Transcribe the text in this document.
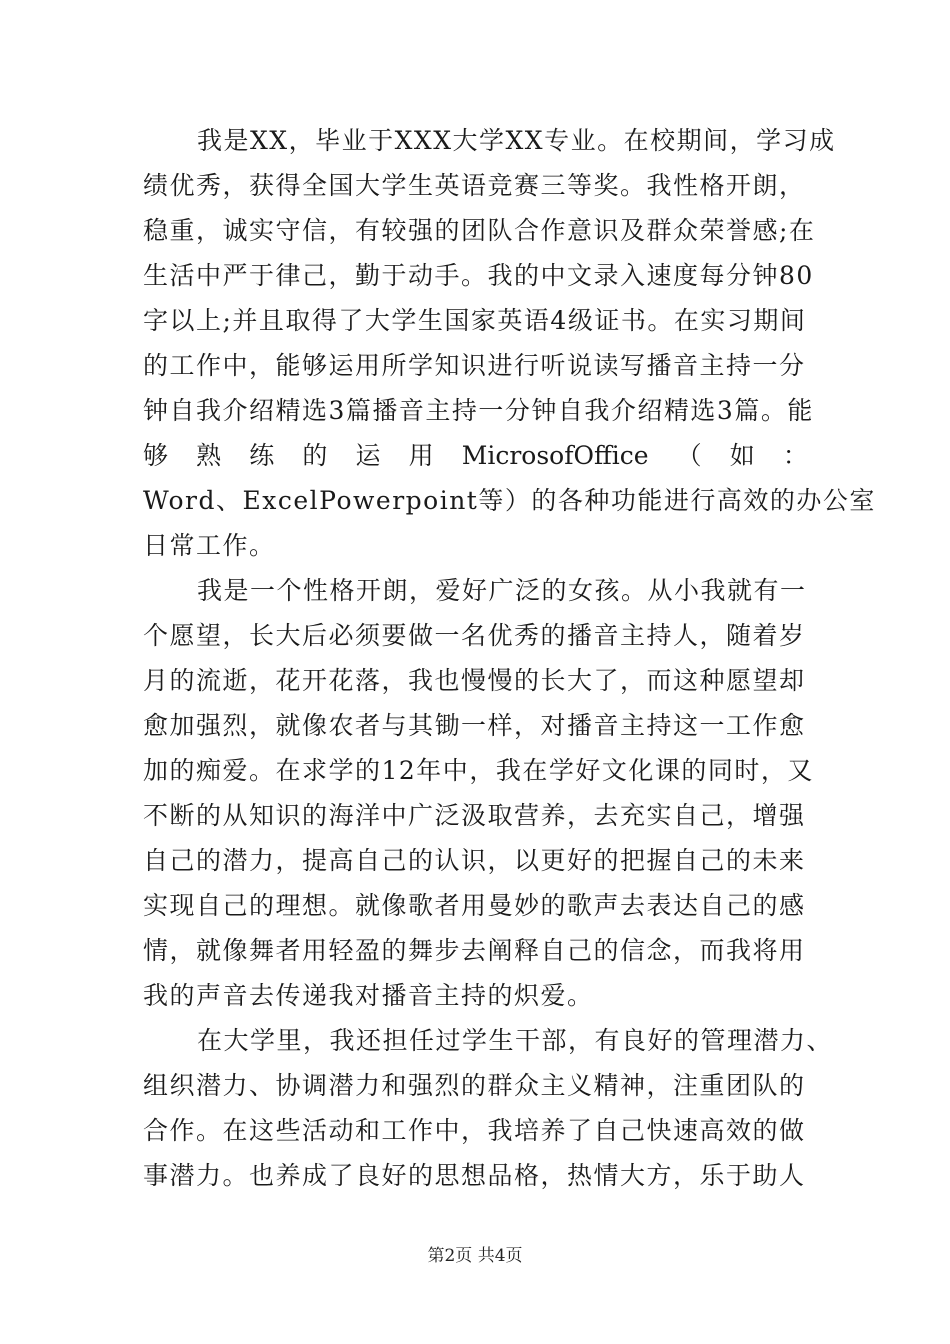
我是XX，毕业于XXX大学XX专业。在校期间，学习成
绩优秀，获得全国大学生英语竞赛三等奖。我性格开朗，
稳重，诚实守信，有较强的团队合作意识及群众荣誉感;在
生活中严于律己，勤于动手。我的中文录入速度每分钟80
字以上;并且取得了大学生国家英语4级证书。在实习期间
的工作中，能够运用所学知识进行听说读写播音主持一分
钟自我介绍精选3篇播音主持一分钟自我介绍精选3篇。能
够 熟 练 的 运 用 MicrosofOffice （ 如 ：
Word、ExcelPowerpoint等）的各种功能进行高效的办公室
日常工作。
我是一个性格开朗，爱好广泛的女孩。从小我就有一
个愿望，长大后必须要做一名优秀的播音主持人，随着岁
月的流逝，花开花落，我也慢慢的长大了，而这种愿望却
愈加强烈，就像农者与其锄一样，对播音主持这一工作愈
加的痴爱。在求学的12年中，我在学好文化课的同时，又
不断的从知识的海洋中广泛汲取营养，去充实自己，增强
自己的潜力，提高自己的认识，以更好的把握自己的未来
实现自己的理想。就像歌者用曼妙的歌声去表达自己的感
情，就像舞者用轻盈的舞步去阐释自己的信念，而我将用
我的声音去传递我对播音主持的炽爱。
在大学里，我还担任过学生干部，有良好的管理潜力、
组织潜力、协调潜力和强烈的群众主义精神，注重团队的
合作。在这些活动和工作中，我培养了自己快速高效的做
事潜力。也养成了良好的思想品格，热情大方，乐于助人
第2页 共4页
